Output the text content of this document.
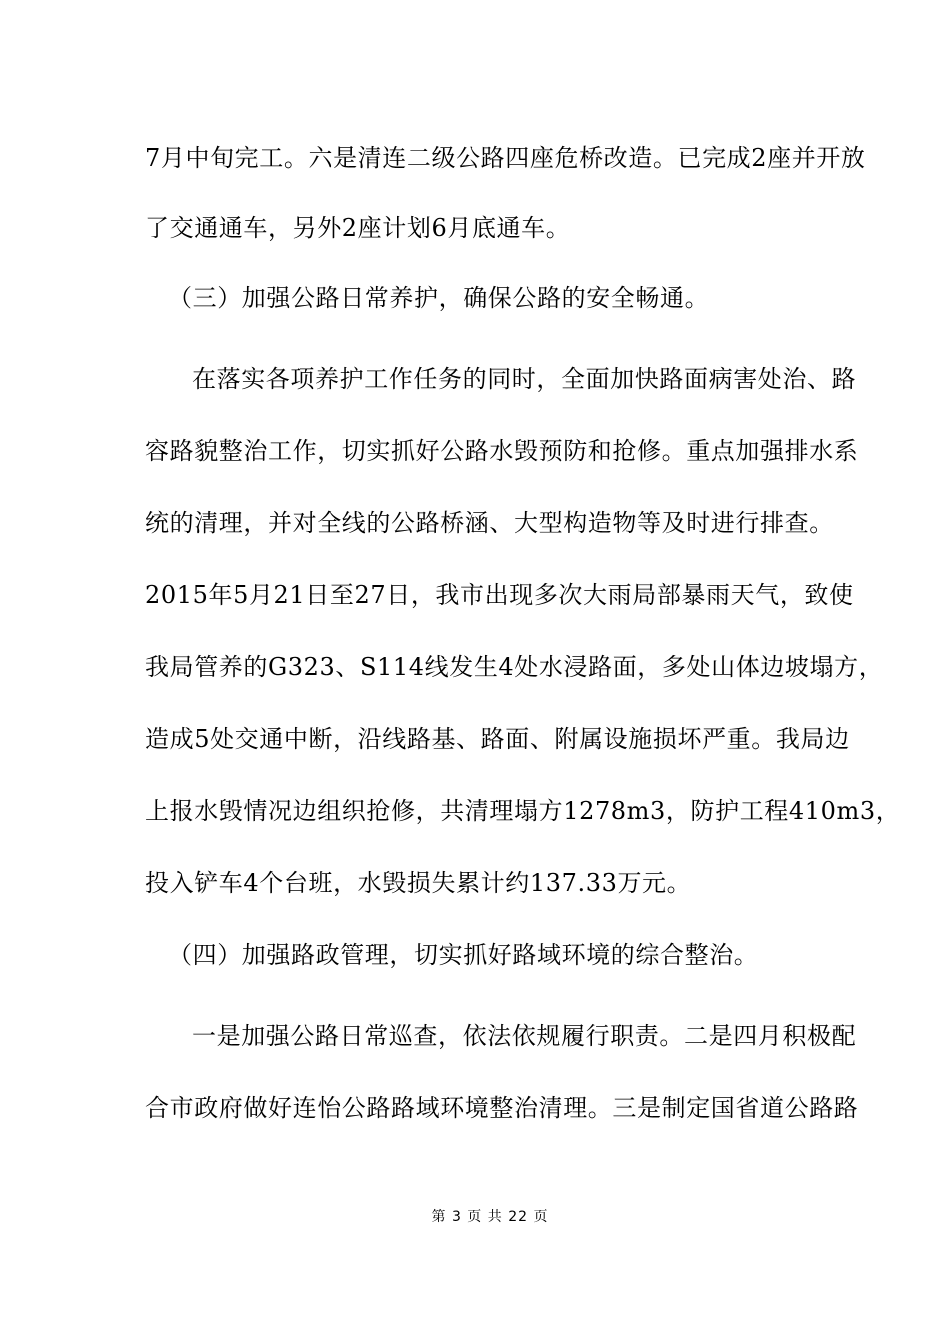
7月中旬完工。六是清连二级公路四座危桥改造。已完成2座并开放
了交通通车，另外2座计划6月底通车。
（三）加强公路日常养护，确保公路的安全畅通。
在落实各项养护工作任务的同时，全面加快路面病害处治、路
容路貌整治工作，切实抓好公路水毁预防和抢修。重点加强排水系
统的清理，并对全线的公路桥涵、大型构造物等及时进行排查。
2015年5月21日至27日，我市出现多次大雨局部暴雨天气，致使
我局管养的G323、S114线发生4处水浸路面，多处山体边坡塌方，
造成5处交通中断，沿线路基、路面、附属设施损坏严重。我局边
上报水毁情况边组织抢修，共清理塌方1278m3，防护工程410m3，
投入铲车4个台班，水毁损失累计约137.33万元。
（四）加强路政管理，切实抓好路域环境的综合整治。
一是加强公路日常巡查，依法依规履行职责。二是四月积极配
合市政府做好连怡公路路域环境整治清理。三是制定国省道公路路
第 3 页 共 22 页
